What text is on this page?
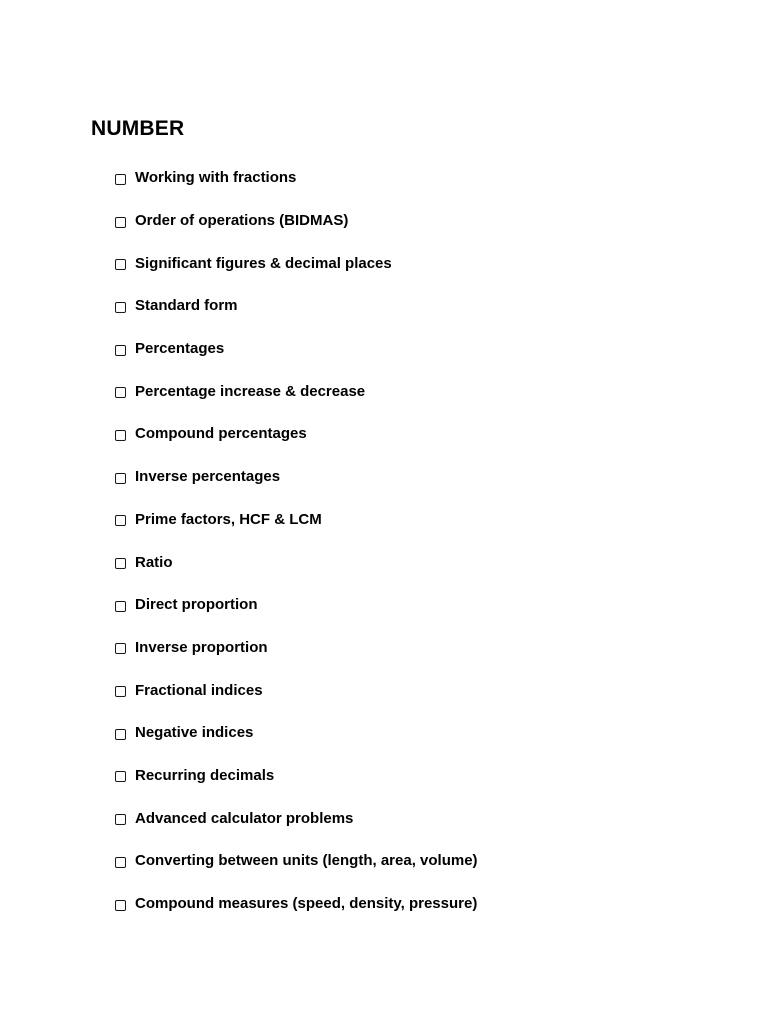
NUMBER
Working with fractions
Order of operations (BIDMAS)
Significant figures & decimal places
Standard form
Percentages
Percentage increase & decrease
Compound percentages
Inverse percentages
Prime factors, HCF & LCM
Ratio
Direct proportion
Inverse proportion
Fractional indices
Negative indices
Recurring decimals
Advanced calculator problems
Converting between units (length, area, volume)
Compound measures (speed, density, pressure)
